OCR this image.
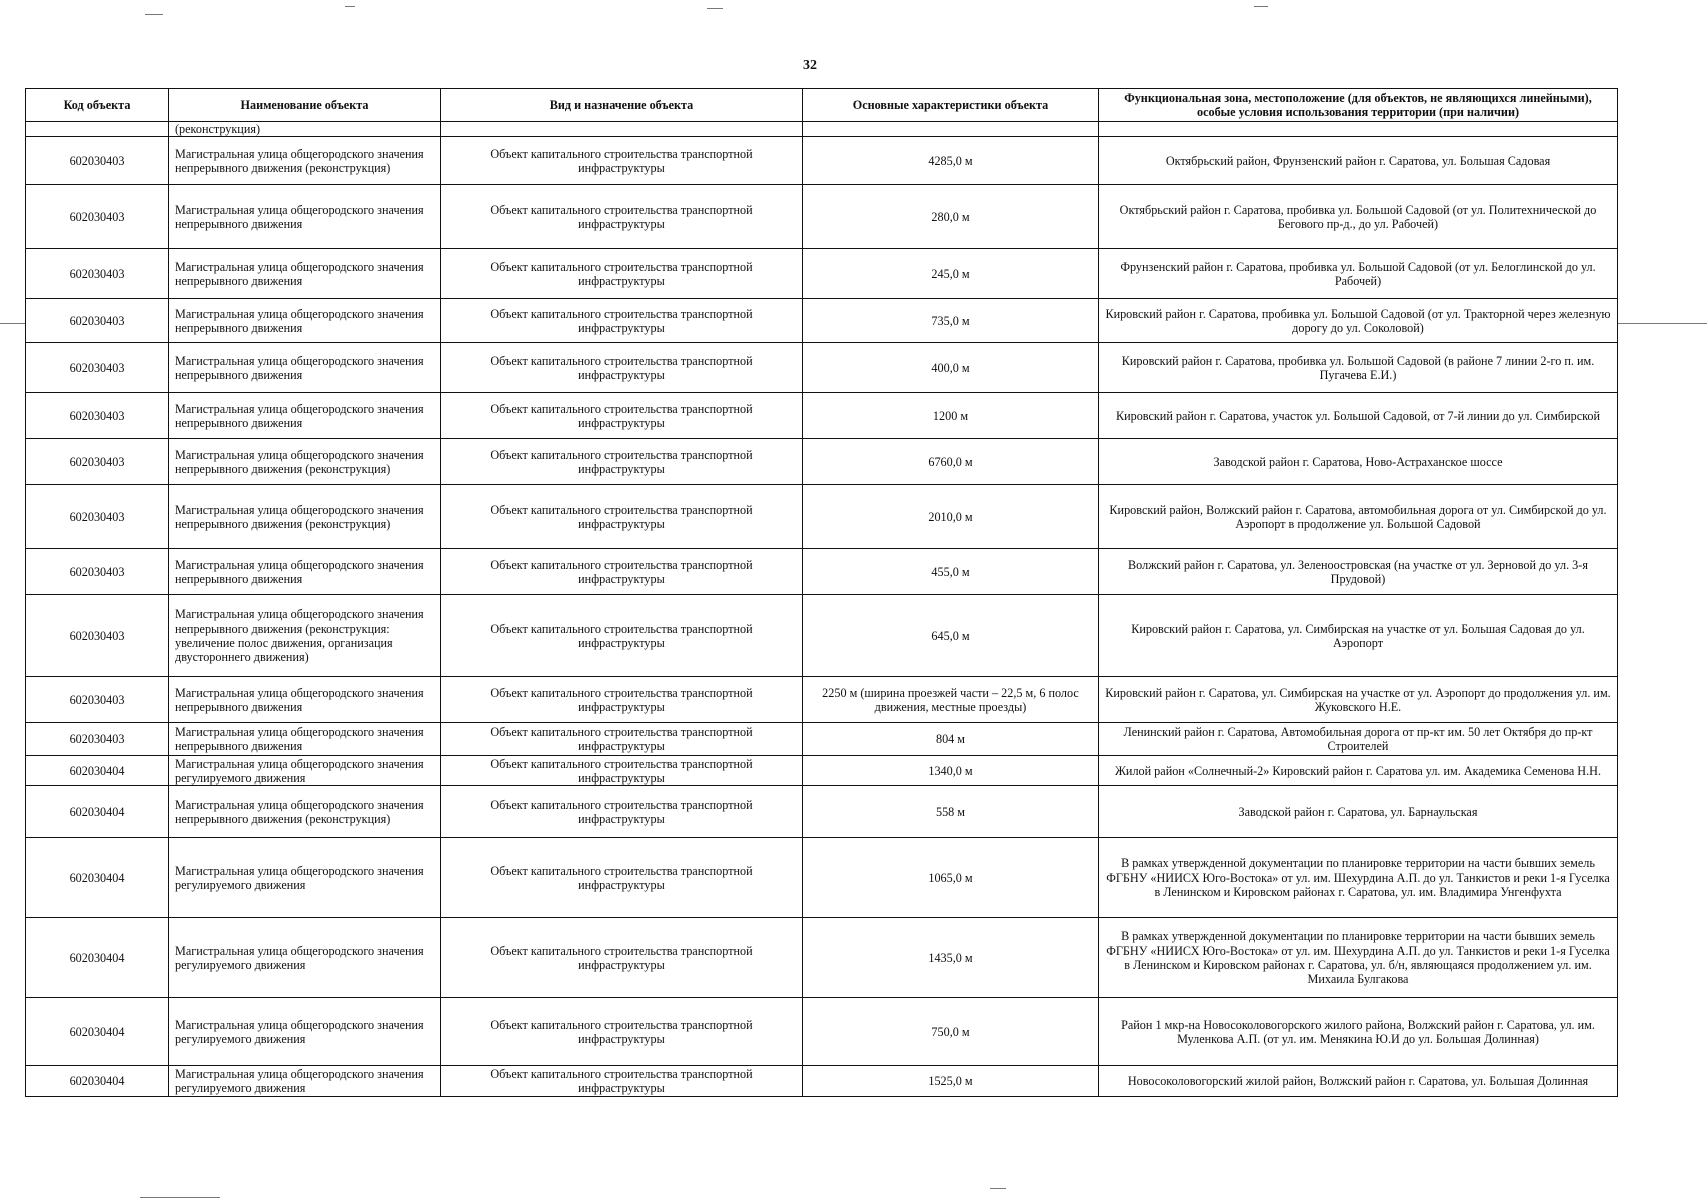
32
Код объекта	Наименование объекта	Вид и назначение объекта	Основные характеристики объекта	Функциональная зона, местоположение (для объектов, не являющихся линейными), особые условия использования территории (при наличии)
	(реконструкция)			
602030403	Магистральная улица общегородского значения непрерывного движения (реконструкция)	Объект капитального строительства транспортной инфраструктуры	4285,0 м	Октябрьский район, Фрунзенский район г. Саратова, ул. Большая Садовая
602030403	Магистральная улица общегородского значения непрерывного движения	Объект капитального строительства транспортной инфраструктуры	280,0 м	Октябрьский район г. Саратова, пробивка ул. Большой Садовой (от ул. Политехнической до Бегового пр-д., до ул. Рабочей)
602030403	Магистральная улица общегородского значения непрерывного движения	Объект капитального строительства транспортной инфраструктуры	245,0 м	Фрунзенский район г. Саратова, пробивка ул. Большой Садовой (от ул. Белоглинской до ул. Рабочей)
602030403	Магистральная улица общегородского значения непрерывного движения	Объект капитального строительства транспортной инфраструктуры	735,0 м	Кировский район г. Саратова, пробивка ул. Большой Садовой (от ул. Тракторной через железную дорогу до ул. Соколовой)
602030403	Магистральная улица общегородского значения непрерывного движения	Объект капитального строительства транспортной инфраструктуры	400,0 м	Кировский район г. Саратова, пробивка ул. Большой Садовой (в районе 7 линии 2-го п. им. Пугачева Е.И.)
602030403	Магистральная улица общегородского значения непрерывного движения	Объект капитального строительства транспортной инфраструктуры	1200 м	Кировский район г. Саратова, участок ул. Большой Садовой, от 7-й линии до ул. Симбирской
602030403	Магистральная улица общегородского значения непрерывного движения (реконструкция)	Объект капитального строительства транспортной инфраструктуры	6760,0 м	Заводской район г. Саратова, Ново-Астраханское шоссе
602030403	Магистральная улица общегородского значения непрерывного движения (реконструкция)	Объект капитального строительства транспортной инфраструктуры	2010,0 м	Кировский район, Волжский район г. Саратова, автомобильная дорога от ул. Симбирской до ул. Аэропорт в продолжение ул. Большой Садовой
602030403	Магистральная улица общегородского значения непрерывного движения	Объект капитального строительства транспортной инфраструктуры	455,0 м	Волжский район г. Саратова, ул. Зеленоостровская (на участке от ул. Зерновой до ул. 3-я Прудовой)
602030403	Магистральная улица общегородского значения непрерывного движения (реконструкция: увеличение полос движения, организация двустороннего движения)	Объект капитального строительства транспортной инфраструктуры	645,0 м	Кировский район г. Саратова, ул. Симбирская на участке от ул. Большая Садовая до ул. Аэропорт
602030403	Магистральная улица общегородского значения непрерывного движения	Объект капитального строительства транспортной инфраструктуры	2250 м (ширина проезжей части – 22,5 м, 6 полос движения, местные проезды)	Кировский район г. Саратова, ул. Симбирская на участке от ул. Аэропорт до продолжения ул. им. Жуковского Н.Е.
602030403	Магистральная улица общегородского значения непрерывного движения	Объект капитального строительства транспортной инфраструктуры	804 м	Ленинский район г. Саратова, Автомобильная дорога от пр-кт им. 50 лет Октября до пр-кт Строителей
602030404	Магистральная улица общегородского значения регулируемого движения	Объект капитального строительства транспортной инфраструктуры	1340,0 м	Жилой район «Солнечный-2» Кировский район г. Саратова ул. им. Академика Семенова Н.Н.
602030404	Магистральная улица общегородского значения непрерывного движения (реконструкция)	Объект капитального строительства транспортной инфраструктуры	558 м	Заводской район г. Саратова, ул. Барнаульская
602030404	Магистральная улица общегородского значения регулируемого движения	Объект капитального строительства транспортной инфраструктуры	1065,0 м	В рамках утвержденной документации по планировке территории на части бывших земель ФГБНУ «НИИСХ Юго-Востока» от ул. им. Шехурдина А.П. до ул. Танкистов и реки 1-я Гуселка в Ленинском и Кировском районах г. Саратова, ул. им. Владимира Унгенфухта
602030404	Магистральная улица общегородского значения регулируемого движения	Объект капитального строительства транспортной инфраструктуры	1435,0 м	В рамках утвержденной документации по планировке территории на части бывших земель ФГБНУ «НИИСХ Юго-Востока» от ул. им. Шехурдина А.П. до ул. Танкистов и реки 1-я Гуселка в Ленинском и Кировском районах г. Саратова, ул. б/н, являющаяся продолжением ул. им. Михаила Булгакова
602030404	Магистральная улица общегородского значения регулируемого движения	Объект капитального строительства транспортной инфраструктуры	750,0 м	Район 1 мкр-на Новосоколовогорского жилого района, Волжский район г. Саратова, ул. им. Муленкова А.П. (от ул. им. Менякина Ю.И до ул. Большая Долинная)
602030404	Магистральная улица общегородского значения регулируемого движения	Объект капитального строительства транспортной инфраструктуры	1525,0 м	Новосоколовогорский жилой район, Волжский район г. Саратова, ул. Большая Долинная
